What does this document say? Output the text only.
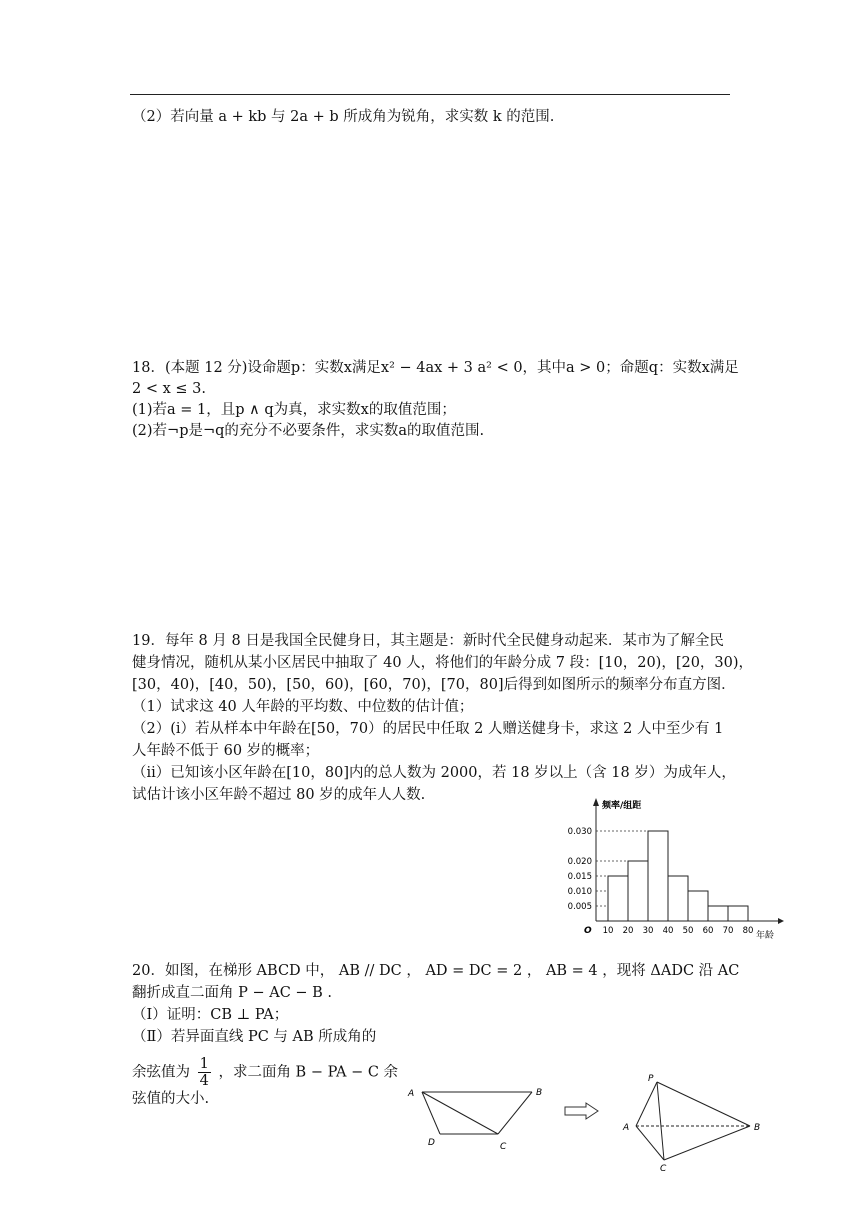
（2）若向量 a + kb 与 2a + b 所成角为锐角，求实数 k 的范围.
18．(本题 12 分)设命题p：实数x满足x² − 4ax + 3 a² < 0，其中a > 0；命题q：实数x满足
2 < x ≤ 3.
(1)若a = 1，且p ∧ q为真，求实数x的取值范围；
(2)若¬p是¬q的充分不必要条件，求实数a的取值范围.
19．每年 8 月 8 日是我国全民健身日，其主题是：新时代全民健身动起来．某市为了解全民
健身情况，随机从某小区居民中抽取了 40 人，将他们的年龄分成 7 段：[10，20)，[20，30)，
[30，40)，[40，50)，[50，60)，[60，70)，[70，80]后得到如图所示的频率分布直方图．
（1）试求这 40 人年龄的平均数、中位数的估计值；
（2）(ⅰ）若从样本中年龄在[50，70）的居民中任取 2 人赠送健身卡，求这 2 人中至少有 1
人年龄不低于 60 岁的概率；
（ⅱ）已知该小区年龄在[10，80]内的总人数为 2000，若 18 岁以上（含 18 岁）为成年人，
试估计该小区年龄不超过 80 岁的成年人人数.
频率/组距
年龄
O
0.005
0.010
0.015
0.020
0.030
10 20 30 40 50 60 70 80
20．如图，在梯形 ABCD 中， AB // DC ， AD = DC = 2 ， AB = 4 ，现将 ΔADC 沿 AC
翻折成直二面角 P − AC − B .
（Ⅰ）证明：CB ⊥ PA；
（Ⅱ）若异面直线 PC 与 AB 所成角的
余弦值为 $\frac{1}{4}$ ，求二面角 B − PA − C 余
弦值的大小.	A	B
D	C
P
A	B
C
